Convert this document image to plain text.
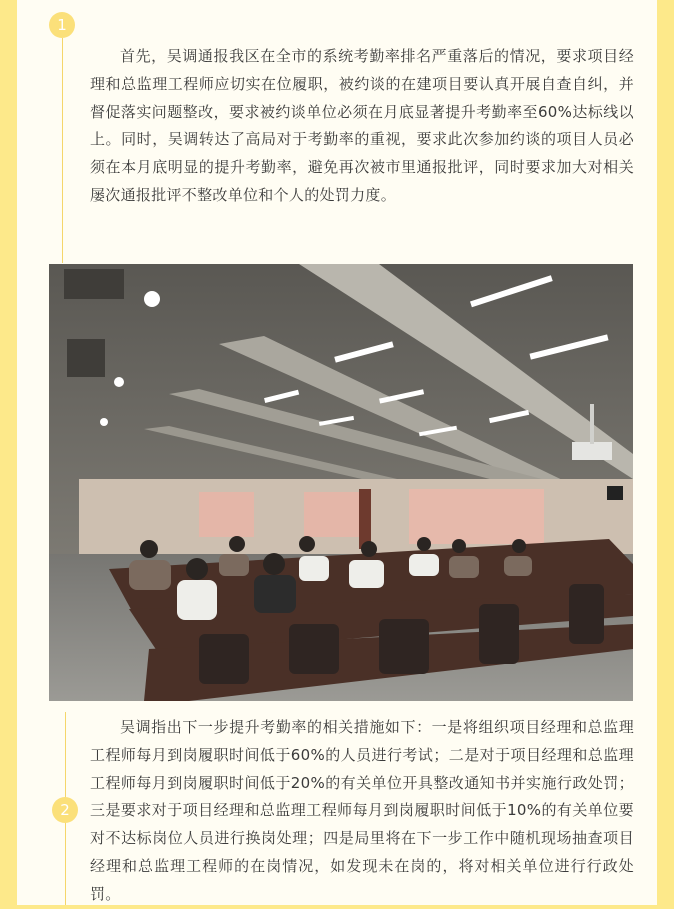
1
首先，吴调通报我区在全市的系统考勤率排名严重落后的情况，要求项目经理和总监理工程师应切实在位履职，被约谈的在建项目要认真开展自查自纠，并督促落实问题整改，要求被约谈单位必须在月底显著提升考勤率至60%达标线以上。同时，吴调转达了高局对于考勤率的重视，要求此次参加约谈的项目人员必须在本月底明显的提升考勤率，避免再次被市里通报批评，同时要求加大对相关屡次通报批评不整改单位和个人的处罚力度。
2
吴调指出下一步提升考勤率的相关措施如下：一是将组织项目经理和总监理工程师每月到岗履职时间低于60%的人员进行考试；二是对于项目经理和总监理工程师每月到岗履职时间低于20%的有关单位开具整改通知书并实施行政处罚；三是要求对于项目经理和总监理工程师每月到岗履职时间低于10%的有关单位要对不达标岗位人员进行换岗处理；四是局里将在下一步工作中随机现场抽查项目经理和总监理工程师的在岗情况，如发现未在岗的，将对相关单位进行行政处罚。
